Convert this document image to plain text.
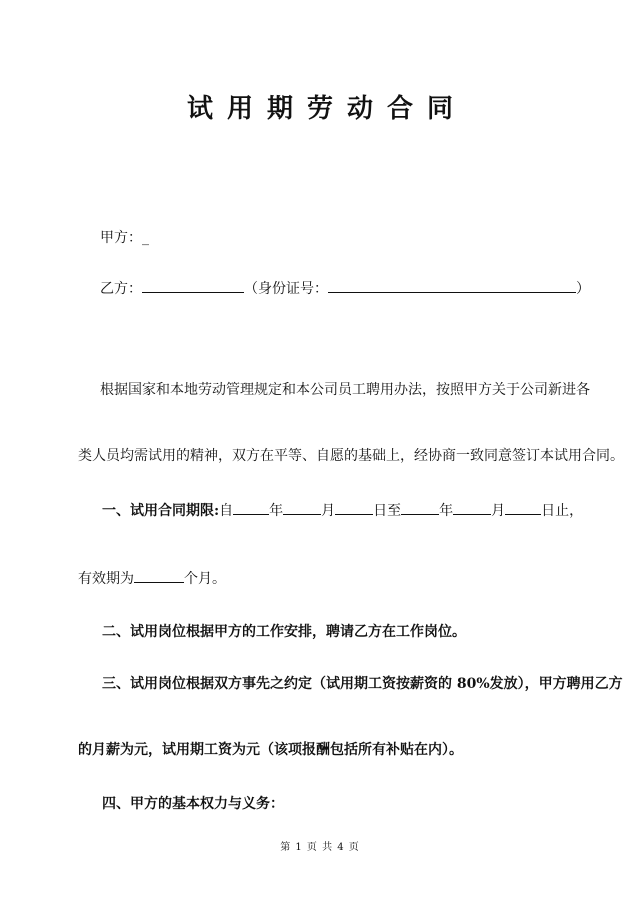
试用期劳动合同
甲方：_
乙方：	（身份证号：	）
根据国家和本地劳动管理规定和本公司员工聘用办法，按照甲方关于公司新进各
类人员均需试用的精神，双方在平等、自愿的基础上，经协商一致同意签订本试用合同。
一、试用合同期限:自	年	月	日至	年	月	日止，
有效期为	个月。
二、试用岗位根据甲方的工作安排，聘请乙方在工作岗位。
三、试用岗位根据双方事先之约定（试用期工资按薪资的 80%发放），甲方聘用乙方
的月薪为元，试用期工资为元（该项报酬包括所有补贴在内）。
四、甲方的基本权力与义务：
第 1 页 共 4 页
